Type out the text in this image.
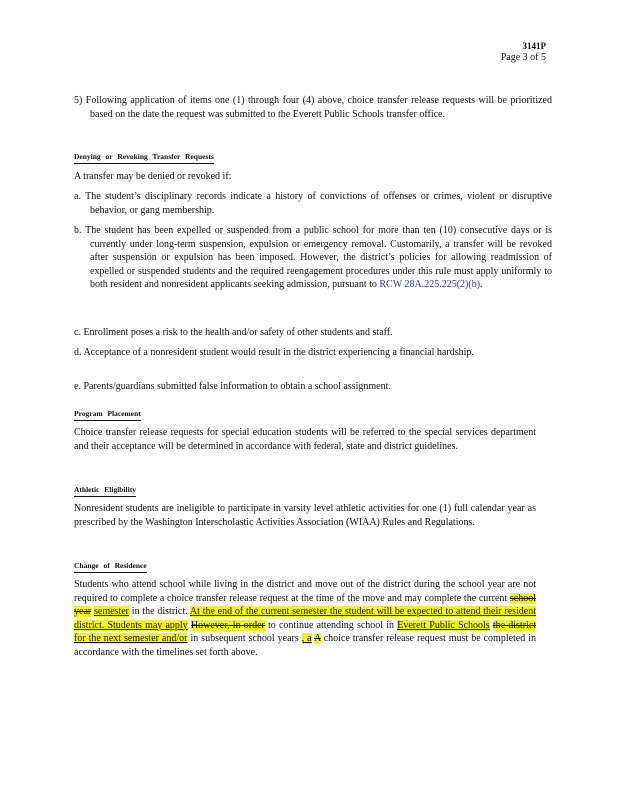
3141P
Page 3 of 5
5) Following application of items one (1) through four (4) above, choice transfer release requests will be prioritized based on the date the request was submitted to the Everett Public Schools transfer office.
Denying or Revoking Transfer Requests
A transfer may be denied or revoked if:
a. The student’s disciplinary records indicate a history of convictions of offenses or crimes, violent or disruptive behavior, or gang membership.
b. The student has been expelled or suspended from a public school for more than ten (10) consecutive days or is currently under long-term suspension, expulsion or emergency removal. Customarily, a transfer will be revoked after suspension or expulsion has been imposed. However, the district’s policies for allowing readmission of expelled or suspended students and the required reengagement procedures under this rule must apply uniformly to both resident and nonresident applicants seeking admission, pursuant to RCW 28A.225.225(2)(b).
c. Enrollment poses a risk to the health and/or safety of other students and staff.
d. Acceptance of a nonresident student would result in the district experiencing a financial hardship.
e. Parents/guardians submitted false information to obtain a school assignment.
Program Placement
Choice transfer release requests for special education students will be referred to the special services department and their acceptance will be determined in accordance with federal, state and district guidelines.
Athletic Eligibility
Nonresident students are ineligible to participate in varsity level athletic activities for one (1) full calendar year as prescribed by the Washington Interscholastic Activities Association (WIAA) Rules and Regulations.
Change of Residence
Students who attend school while living in the district and move out of the district during the school year are not required to complete a choice transfer release request at the time of the move and may complete the current school year semester in the district. At the end of the current semester the student will be expected to attend their resident district. Students may apply However, in order to continue attending school in Everett Public Schools the district for the next semester and/or in subsequent school years , a A choice transfer release request must be completed in accordance with the timelines set forth above.
